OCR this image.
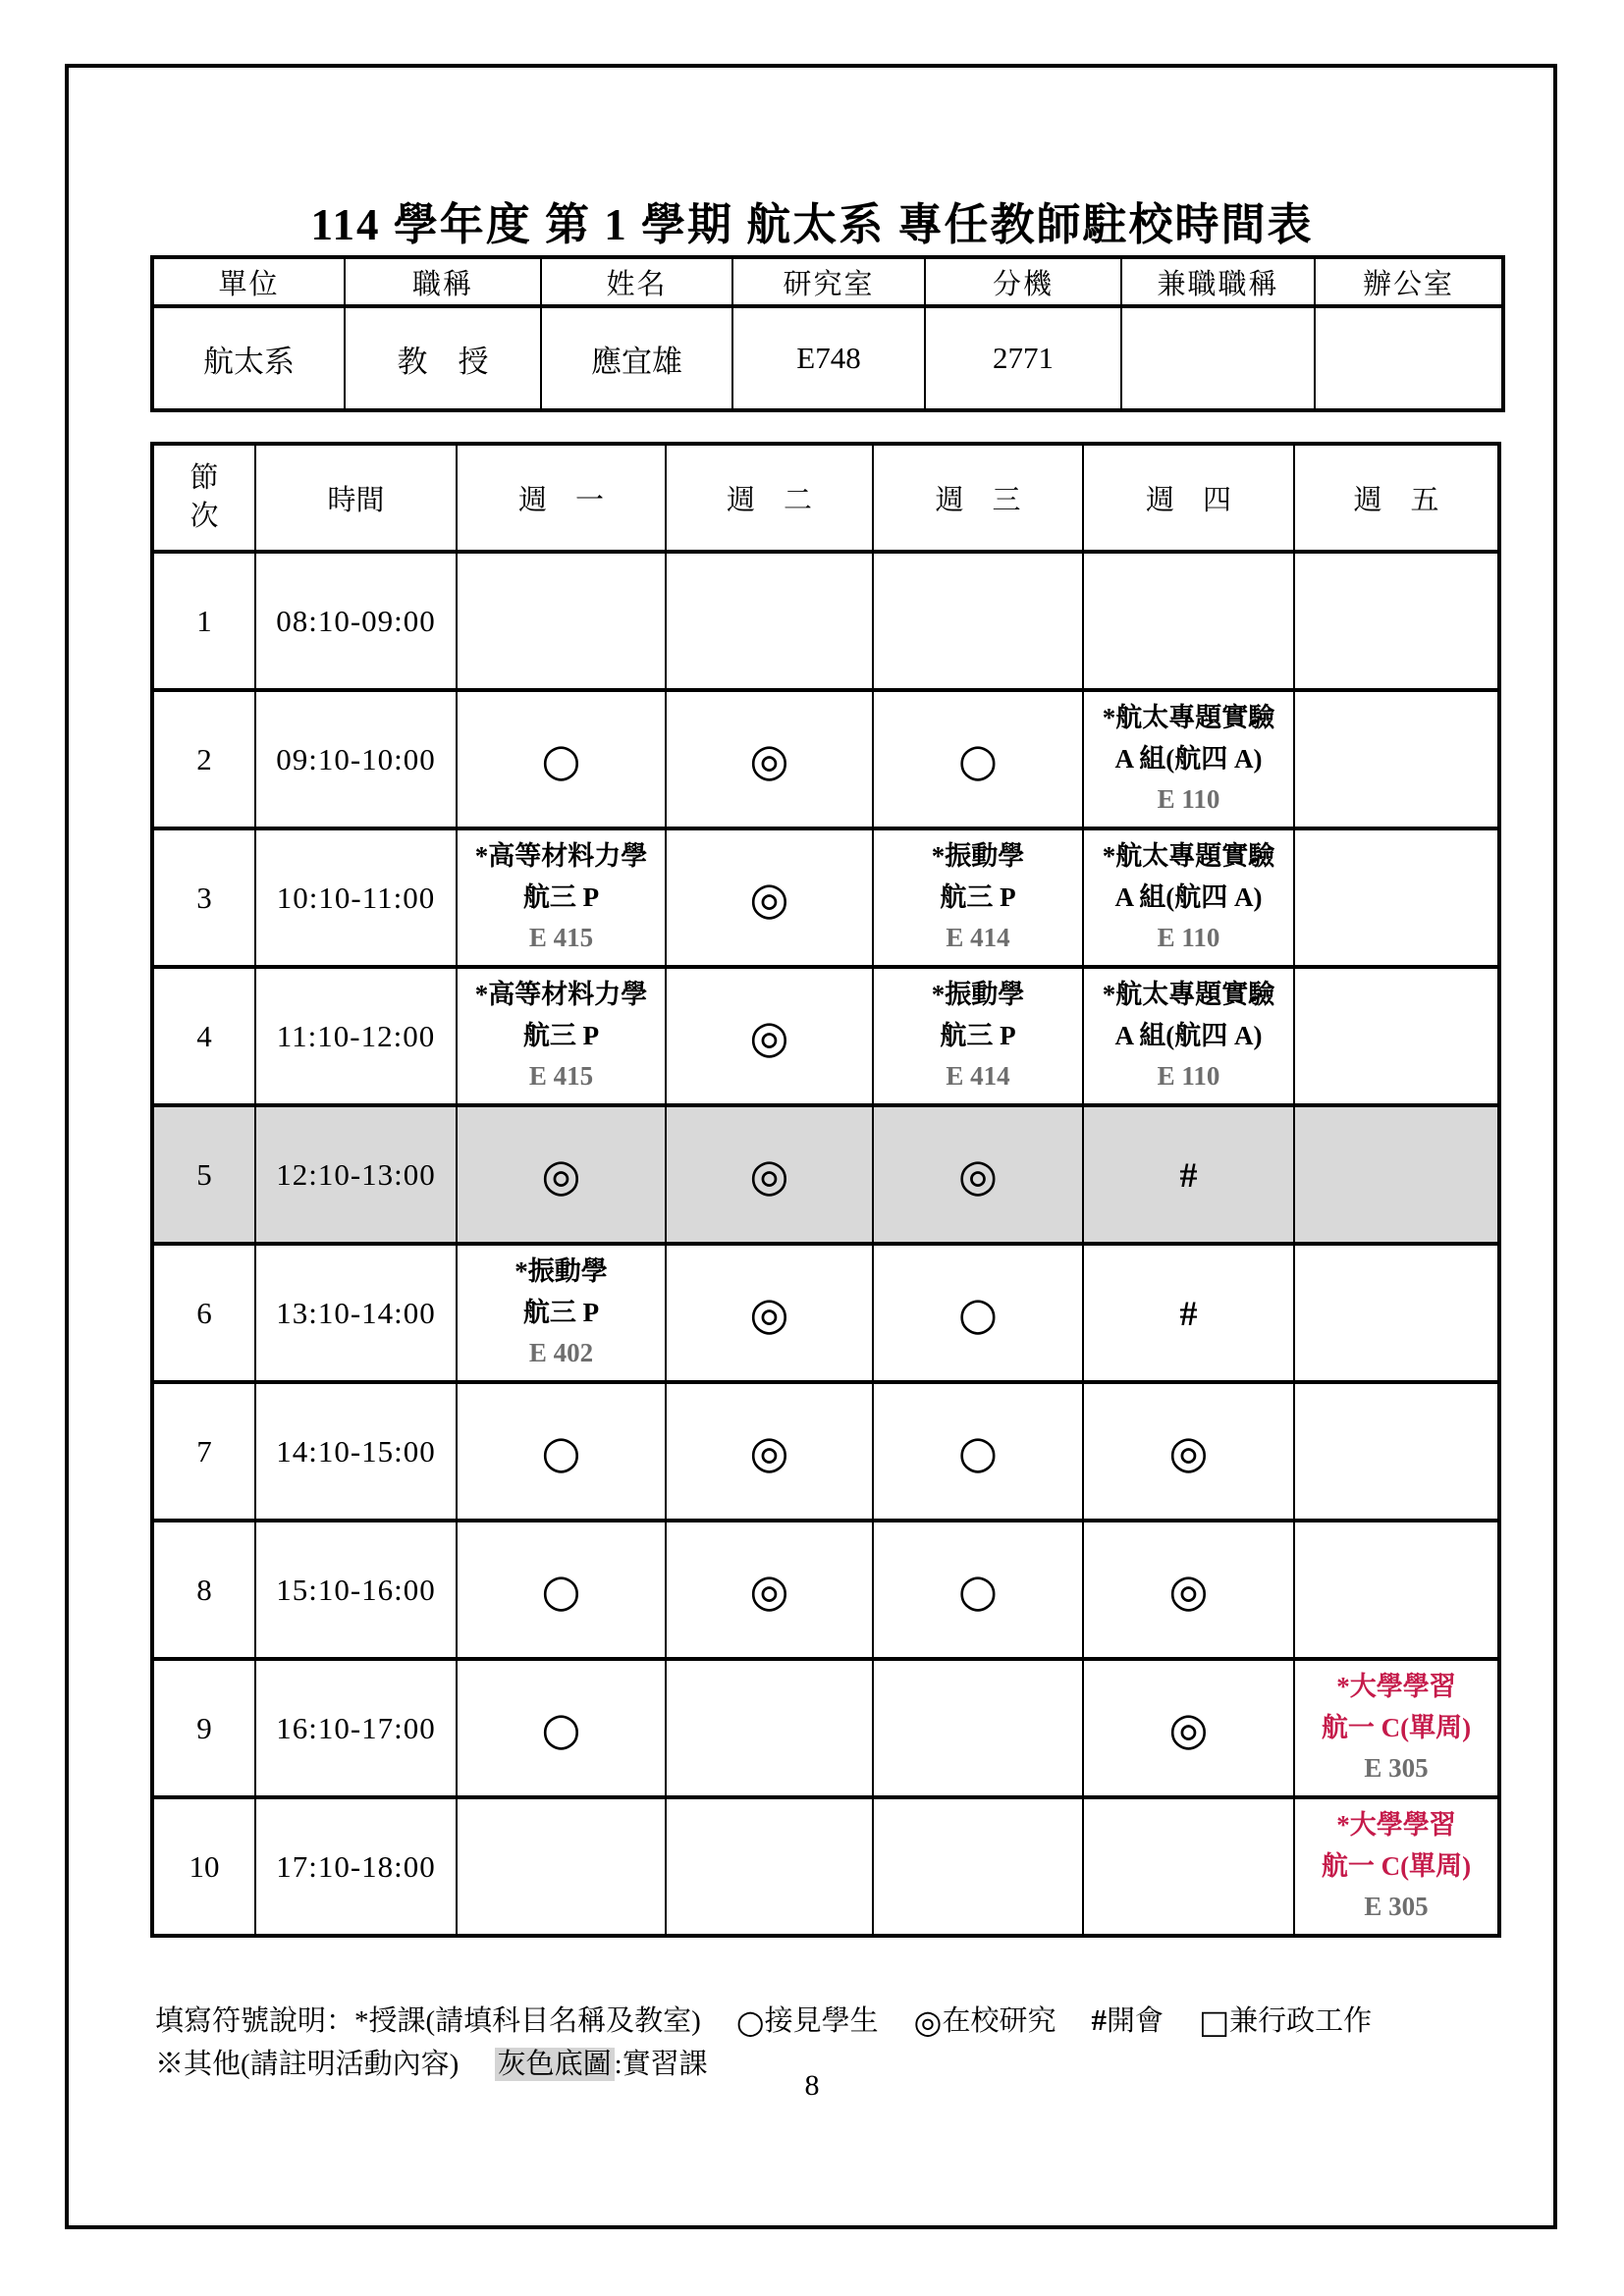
114 學年度 第 1 學期 航太系 專任教師駐校時間表
單位	職稱	姓名	研究室	分機	兼職職稱	辦公室
航太系	教　授	應宜雄	E748	2771		
節
次	時間	週　一	週　二	週　三	週　四	週　五
1	08:10-09:00					
2	09:10-10:00	○	◎	○	*航太專題實驗
A 組(航四 A)
E 110	

3	10:10-11:00	*高等材料力學
航三 P
E 415	◎	*振動學
航三 P
E 414	*航太專題實驗
A 組(航四 A)
E 110	

4	11:10-12:00	*高等材料力學
航三 P
E 415	◎	*振動學
航三 P
E 414	*航太專題實驗
A 組(航四 A)
E 110	

5	12:10-13:00	◎	◎	◎	#	
6	13:10-14:00	*振動學
航三 P
E 402	◎	○	#	
7	14:10-15:00	○	◎	○	◎	
8	15:10-16:00	○	◎	○	◎	
9	16:10-17:00	○			◎	*大學學習
航一 C(單周)
E 305

10	17:10-18:00					*大學學習
航一 C(單周)
E 305
填寫符號說明：*授課(請填科目名稱及教室) ○接見學生 ◎在校研究 #開會 □兼行政工作
※其他(請註明活動內容) 灰色底圖 :實習課
8
